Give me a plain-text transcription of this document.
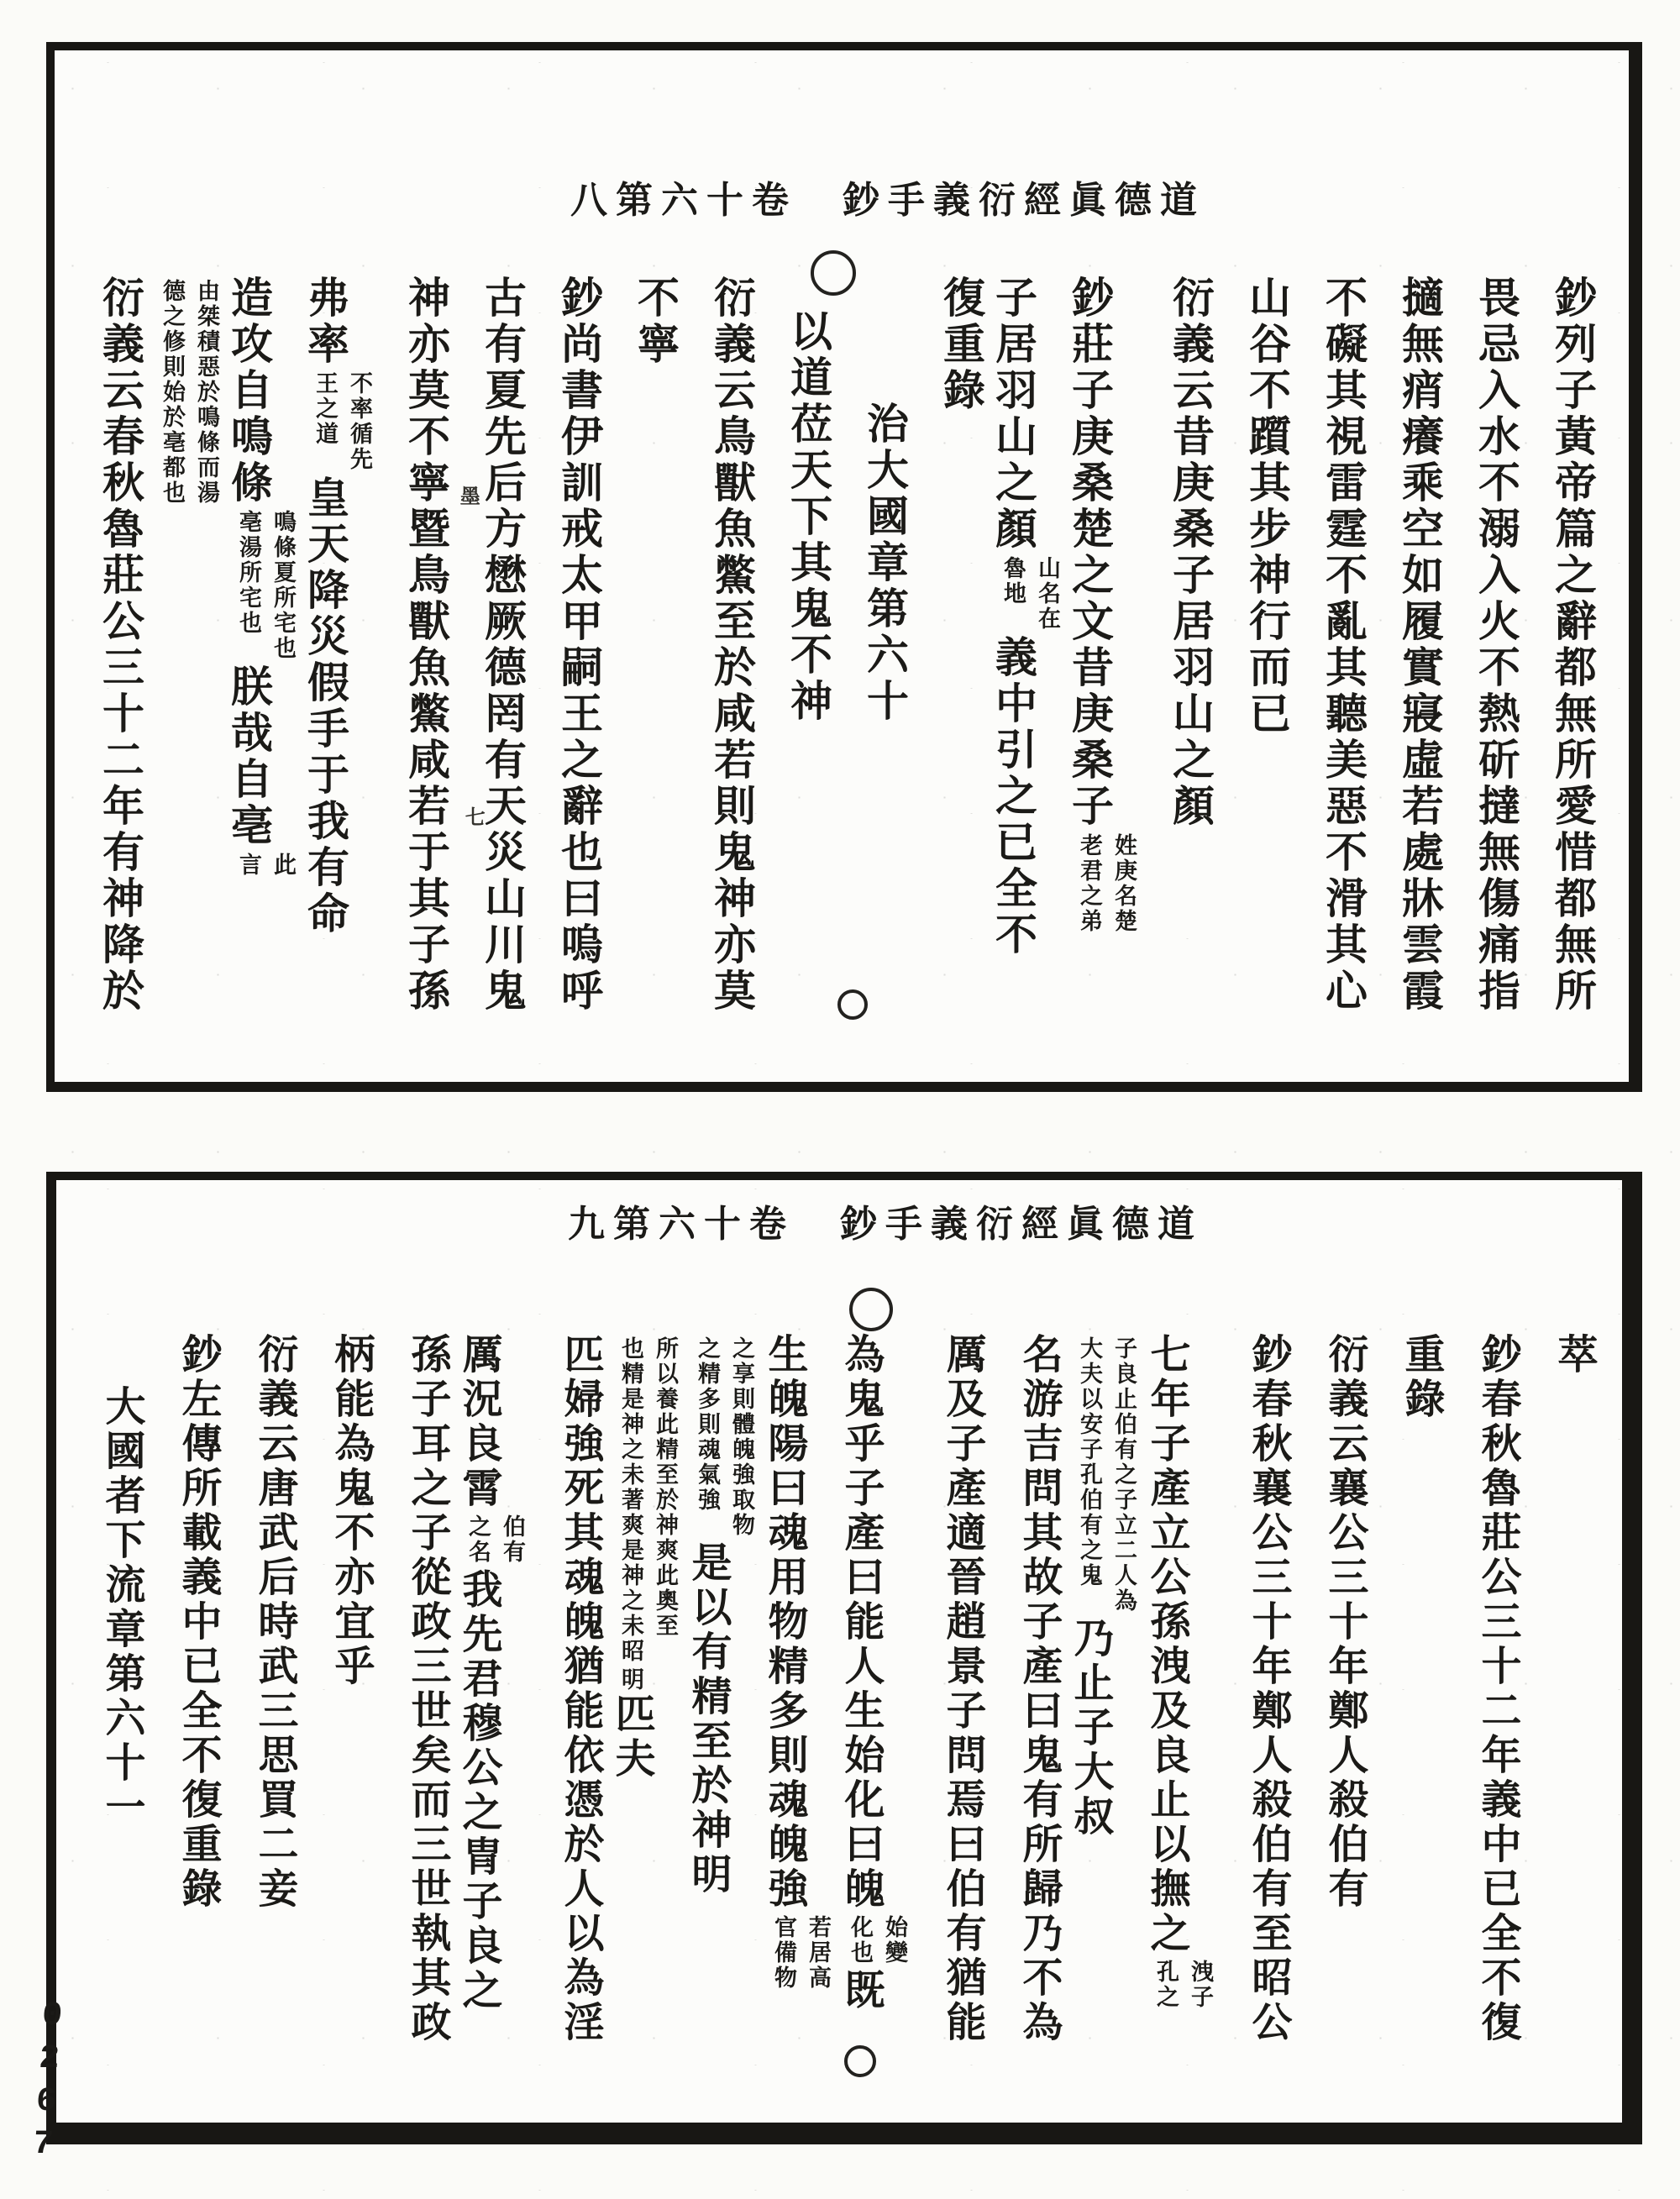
八第六十卷　鈔手義衍經眞德道
鈔列子黃帝篇之辭都無所愛惜都無所
畏忌入水不溺入火不熱斫撻無傷痛指
擿無痟癢乘空如履實寢虛若處牀雲霞
不礙其視雷霆不亂其聽美惡不滑其心
山谷不躓其步神行而已
衍義云昔庚桑子居羽山之顏
鈔莊子庚桑楚之文昔庚桑子
姓庚名楚
老君之弟
子居羽山之顏
山名在
魯地
義中引之已全不
復重錄
治大國章第六十
以道莅天下其鬼不神
衍義云鳥獸魚鱉至於咸若則鬼神亦莫
不寧
鈔尚書伊訓戒太甲嗣王之辭也曰嗚呼
古有夏先后方懋厥德罔有天災山川鬼
神亦莫不寧暨鳥獸魚鱉咸若于其子孫
弗率
不率循先
王之道
皇天降災假手于我有命
造攻自鳴條
鳴條夏所宅也
亳湯所宅也
朕哉自亳
此
言
由桀積惡於鳴條而湯
德之修則始於亳都也
衍義云春秋魯莊公三十二年有神降於	墨
七
九第六十卷　鈔手義衍經眞德道
萃
鈔春秋魯莊公三十二年義中已全不復
重錄
衍義云襄公三十年鄭人殺伯有
鈔春秋襄公三十年鄭人殺伯有至昭公
七年子產立公孫洩及良止以撫之
洩子
孔之
子良止伯有之子立二人為
大夫以安子孔伯有之鬼
乃止子大叔
名游吉問其故子產曰鬼有所歸乃不為
厲及子產適晉趙景子問焉曰伯有猶能
為鬼乎子產曰能人生始化曰魄
始變
化也
既
生魄陽曰魂用物精多則魂魄強
若居高
官備物
之享則體魄強取物
之精多則魂氣強
是以有精至於神明
所以養此精至於神爽此奧至
也精是神之未著爽是神之未昭
明匹夫
匹婦強死其魂魄猶能依憑於人以為淫
厲況良霄
伯有
之名
我先君穆公之冑子良之
孫子耳之子從政三世矣而三世執其政
柄能為鬼不亦宜乎
衍義云唐武后時武三思買二妾
鈔左傳所載義中已全不復重錄
大國者下流章第六十一
0267
